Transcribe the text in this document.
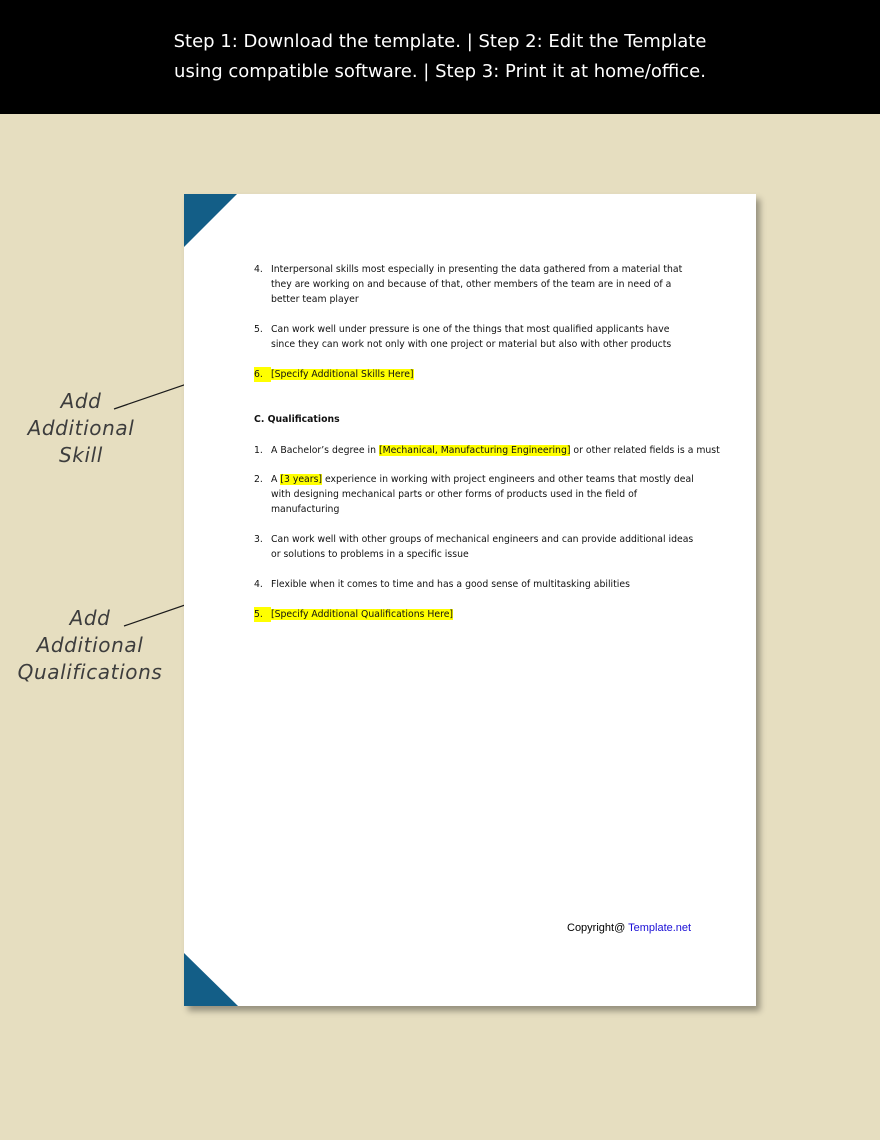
Step 1: Download the template. | Step 2: Edit the Template
using compatible software. | Step 3: Print it at home/office.
Add
Additional
Skill
Add
Additional
Qualifications
4. Interpersonal skills most especially in presenting the data gathered from a material that they are working on and because of that, other members of the team are in need of a better team player
5. Can work well under pressure is one of the things that most qualified applicants have since they can work not only with one project or material but also with other products
6. [Specify Additional Skills Here]
C. Qualifications
1. A Bachelor’s degree in [Mechanical, Manufacturing Engineering] or other related fields is a must
2. A [3 years] experience in working with project engineers and other teams that mostly deal with designing mechanical parts or other forms of products used in the field of manufacturing
3. Can work well with other groups of mechanical engineers and can provide additional ideas or solutions to problems in a specific issue
4. Flexible when it comes to time and has a good sense of multitasking abilities
5. [Specify Additional Qualifications Here]
Copyright@ Template.net
